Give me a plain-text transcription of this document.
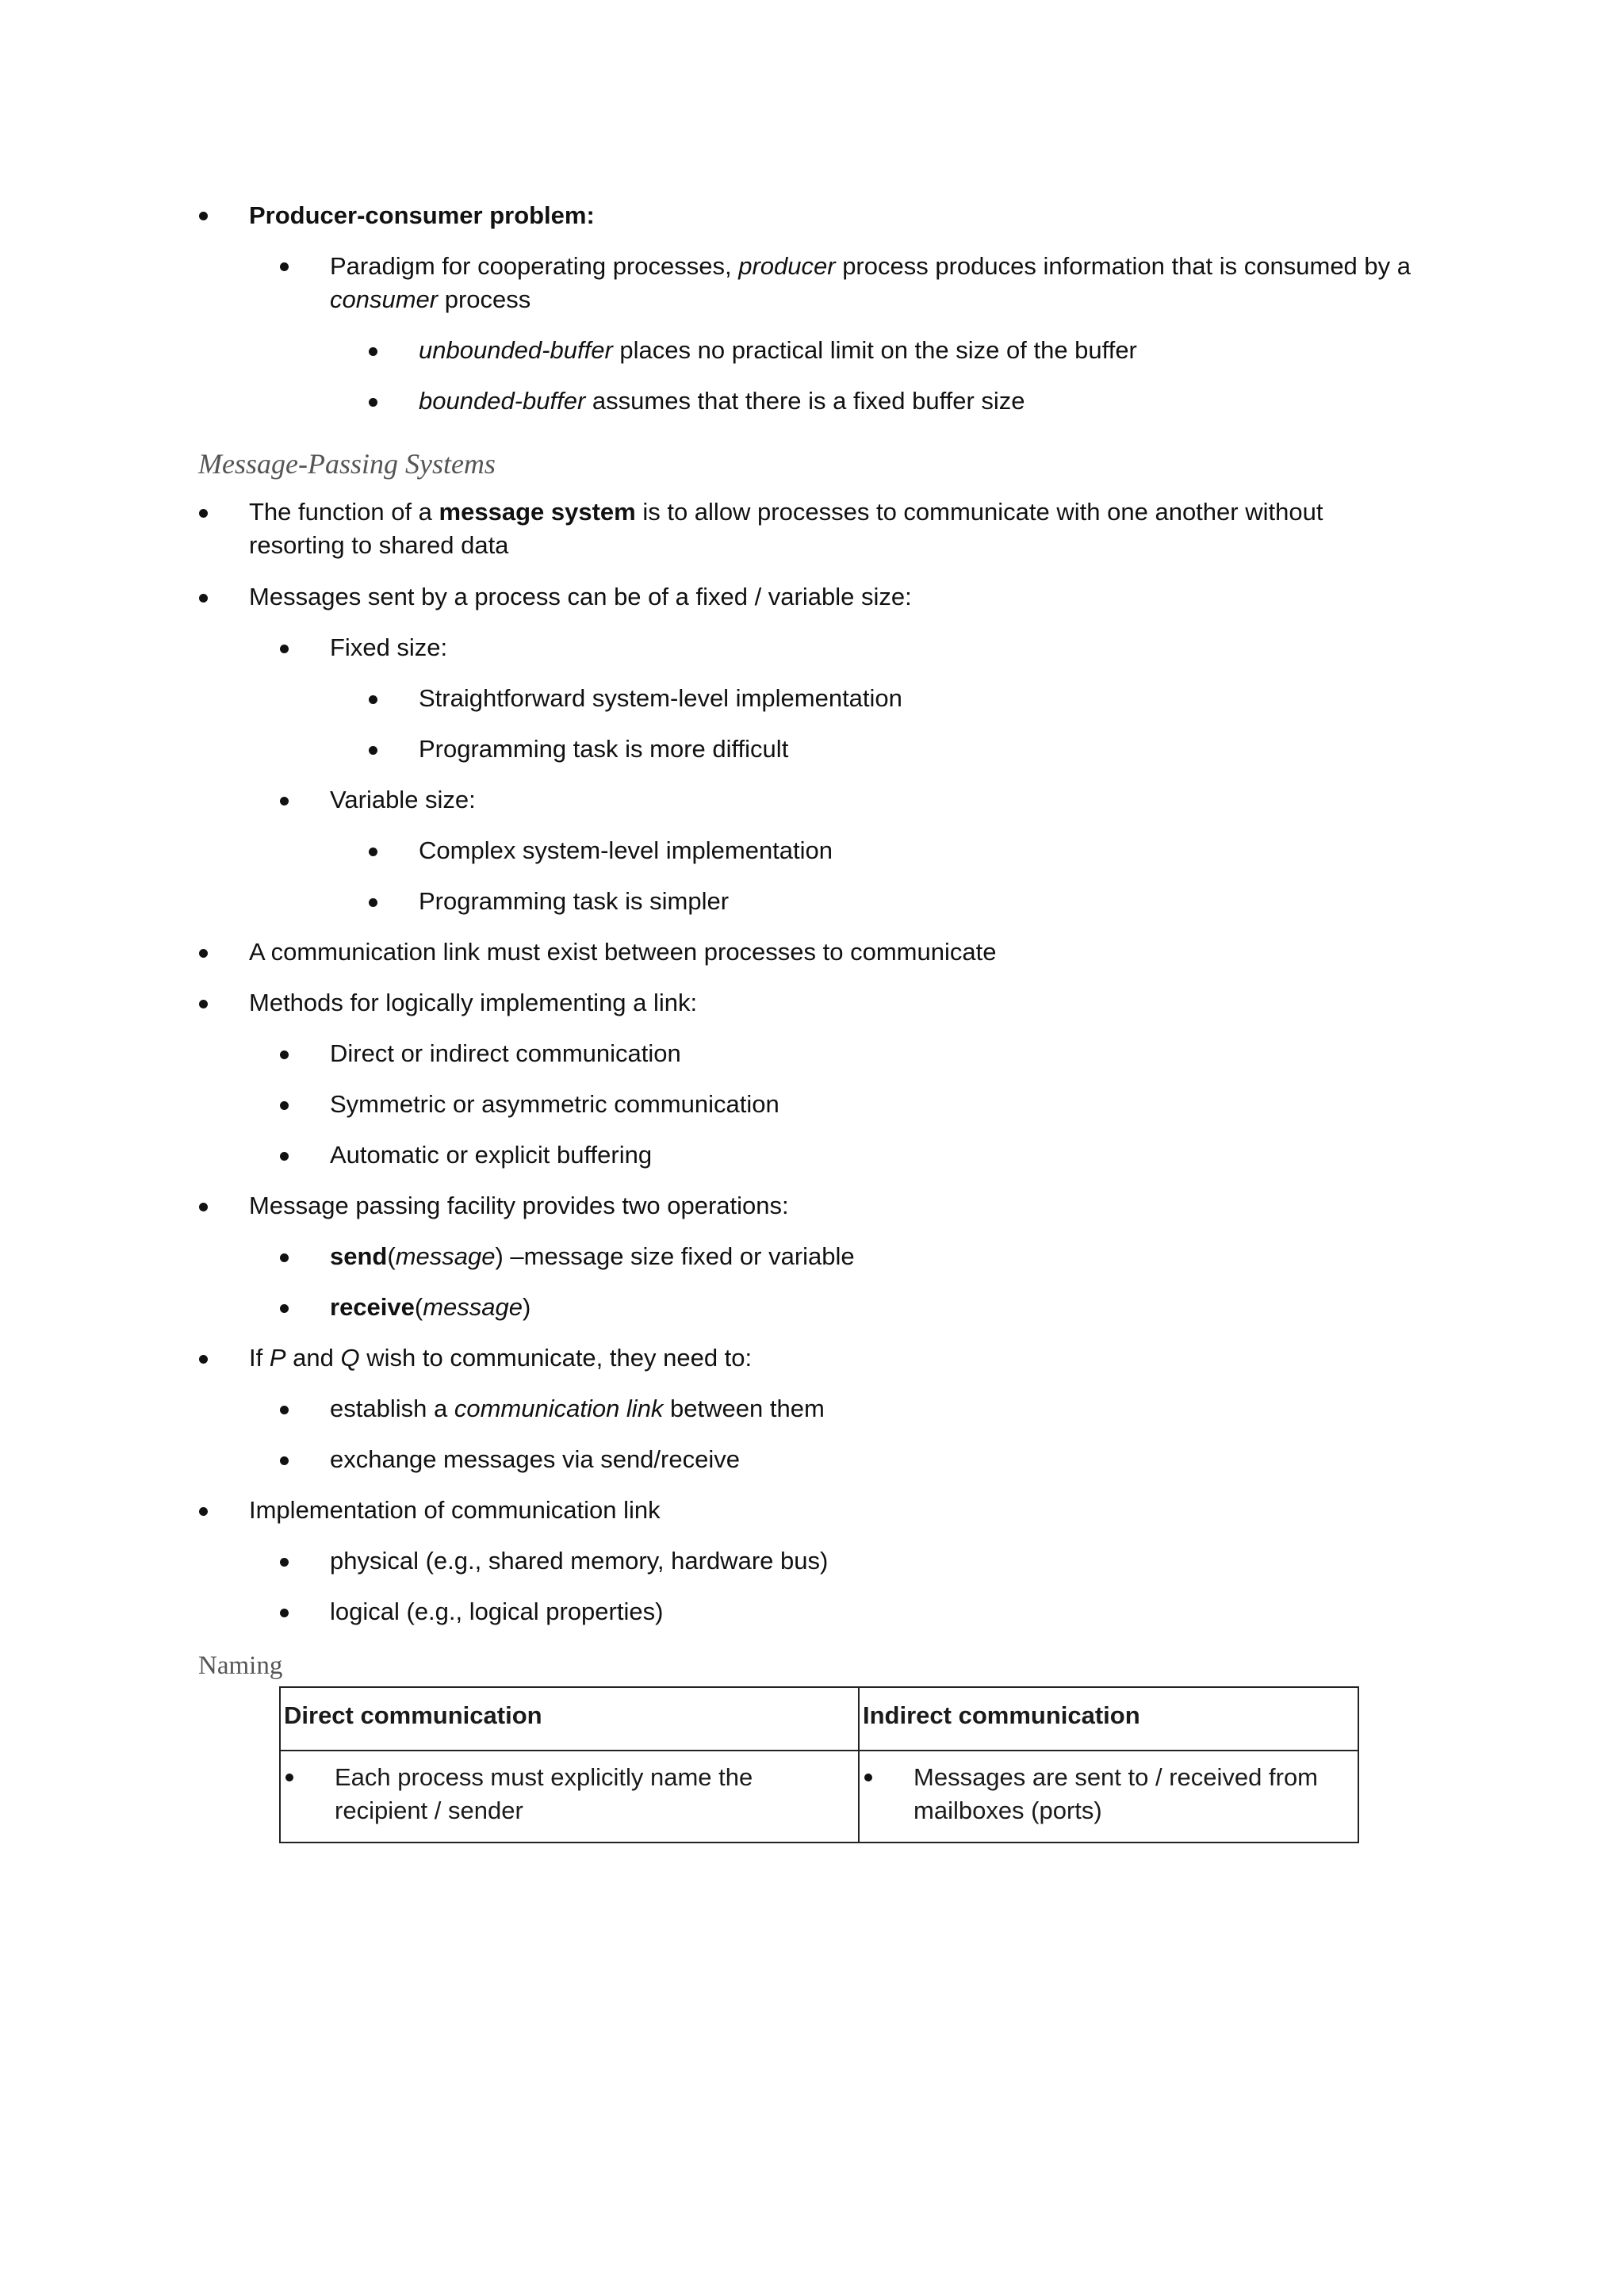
Producer-consumer problem:
Paradigm for cooperating processes, producer process produces information that is consumed by a
consumer process
unbounded-buffer places no practical limit on the size of the buffer
bounded-buffer assumes that there is a fixed buffer size
Message-Passing Systems
The function of a message system is to allow processes to communicate with one another without
resorting to shared data
Messages sent by a process can be of a fixed / variable size:
Fixed size:
Straightforward system-level implementation
Programming task is more difficult
Variable size:
Complex system-level implementation
Programming task is simpler
A communication link must exist between processes to communicate
Methods for logically implementing a link:
Direct or indirect communication
Symmetric or asymmetric communication
Automatic or explicit buffering
Message passing facility provides two operations:
send(message) –message size fixed or variable
receive(message)
If P and Q wish to communicate, they need to:
establish a communication link between them
exchange messages via send/receive
Implementation of communication link
physical (e.g., shared memory, hardware bus)
logical (e.g., logical properties)
Naming
Direct communication	Indirect communication

Each process must explicitly name the recipient / sender	Messages are sent to / received from mailboxes (ports)
